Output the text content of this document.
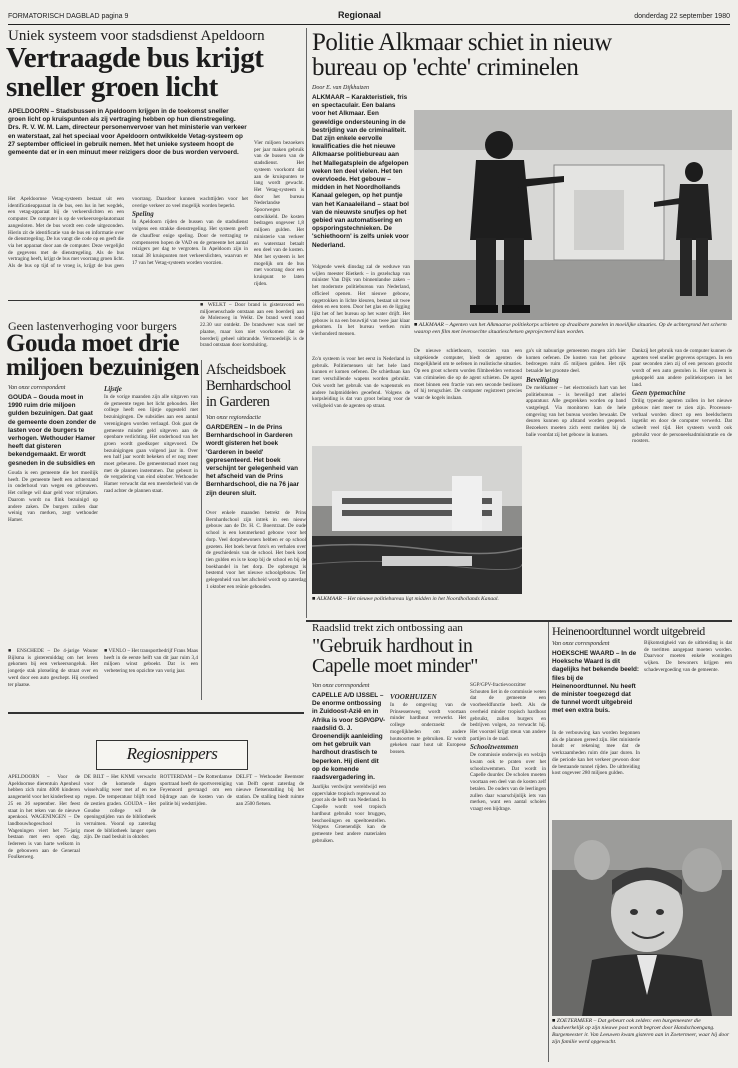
FORMATORISCH DAGBLAD pagina 9	Regionaal	donderdag 22 september 1980
Uniek systeem voor stadsdienst Apeldoorn
Vertraagde bus krijgt
sneller groen licht
APELDOORN – Stadsbussen in Apeldoorn krijgen in de toekomst sneller groen licht op kruispunten als zij vertraging hebben op hun dienstregeling. Drs. R. V. W. M. Lam, directeur personenvervoer van het ministerie van verkeer en waterstaat, zal het speciaal voor Apeldoorn ontwikkelde Vetag-systeem op 27 september officieel in gebruik nemen. Met het unieke systeem hoopt de gemeente dat er in een minuut meer reizigers door de bus worden vervoerd.
Het Apeldoornse Vetag-systeem bestaat uit een identificatieapparaat in de bus, een lus in het wegdek, een vetag-apparaat bij de verkeerslichten en een computer. De computer is op de verkeersregelautomaat aangesloten. Met de bus wordt een code uitgezonden. Hierin zit de identificatie van de bus en informatie over de dienstregeling. De lus vangt die code op en geeft die via het apparaat door aan de computer. Deze vergelijkt de gegevens met de dienstregeling. Als de bus vertraging heeft, krijgt de bus met voorrang groen licht. Als de bus op tijd of te vroeg is, krijgt de bus geen voorrang. Daardoor kunnen wachttijden voor het overige verkeer zo veel mogelijk worden beperkt.
Speling
In Apeldoorn rijden de bussen van de stadsdienst volgens een strakke dienstregeling. Het systeem geeft de chauffeur enige speling. Door de vertraging te compenseren hopen de VAD en de gemeente het aantal reizigers per dag te vergroten. In Apeldoorn zijn in totaal 38 kruispunten met verkeerslichten, waarvan er 17 van het Vetag-systeem worden voorzien.
Vier miljoen bezoekers per jaar maken gebruik van de bussen van de stadsdienst. Het systeem voorkomt dat aan de kruispunten te lang wordt gewacht. Het Vetag-systeem is door het bureau Nederlandse Spoorwegen ontwikkeld. De kosten bedragen ongeveer 1,8 miljoen gulden. Het ministerie van verkeer en waterstaat betaalt een deel van de kosten. Met het systeem is het mogelijk om de bus met voorrang door een kruispunt te laten rijden.
■ WELKT – Door brand is gisteravond een miljoenenschade ontstaan aan een boerderij aan de Molenweg in Welkt. De brand werd rond 22.30 uur ontdekt. De brandweer was snel ter plaatse, maar kon niet voorkomen dat de boerderij geheel uitbrandde. Vermoedelijk is de brand ontstaan door kortsluiting.
Geen lastenverhoging voor burgers
Gouda moet drie
miljoen bezuinigen
Van onze correspondent
GOUDA – Gouda moet in 1990 ruim drie miljoen gulden bezuinigen. Dat gaat de gemeente doen zonder de lasten voor de burgers te verhogen. Wethouder Hamer heeft dat gisteren bekendgemaakt. Er wordt gesneden in de subsidies en
Gouda is een gemeente die het moeilijk heeft. De gemeente heeft een achterstand in onderhoud van wegen en gebouwen. Het college wil daar geld voor vrijmaken. Daarom wordt nu flink bezuinigd op andere zaken. De burgers zullen daar weinig van merken, zegt wethouder Hamer.
Lijstje
In de vorige maanden zijn alle uitgaven van de gemeente tegen het licht gehouden. Het college heeft een lijstje opgesteld met bezuinigingen. De subsidies aan een aantal verenigingen worden verlaagd. Ook gaat de gemeente minder geld uitgeven aan de openbare verlichting. Het onderhoud van het groen wordt goedkoper uitgevoerd. De bezuinigingen gaan volgend jaar in. Over een half jaar wordt bekeken of er nog meer moet gebeuren. De gemeenteraad moet nog met de plannen instemmen. Dat gebeurt in de vergadering van eind oktober. Wethouder Hamer verwacht dat een meerderheid van de raad achter de plannen staat.
■ ENSCHEDE – De 4-jarige Wouter Bijlsma is gisteremiddag om het leven gekomen bij een verkeersongeluk. Het jongetje stak plotseling de straat over en werd door een auto geschept. Hij overleed ter plaatse.
■ VENLO – Het transportbedrijf Frans Maas heeft in de eerste helft van dit jaar ruim 3,4 miljoen winst geboekt. Dat is een verbetering ten opzichte van vorig jaar.
Afscheidsboek
Bernhardschool
in Garderen
Van onze regioredactie
GARDEREN – In de Prins Bernhardschool in Garderen wordt gisteren het boek 'Garderen in beeld' gepresenteerd. Het boek verschijnt ter gelegenheid van het afscheid van de Prins Bernhardschool, die na 76 jaar zijn deuren sluit.
Over enkele maanden betrekt de Prins Bernhardschool zijn intrek in een nieuw gebouw aan de Dr. H. C. Boerstraat. De oude school is een kenmerkend gebouw voor het dorp. Veel dorpsbewoners hebben er op school gezeten. Het boek bevat foto's en verhalen over de geschiedenis van de school. Het boek kost tien gulden en is te koop bij de school en bij de boekhandel in het dorp. De opbrengst is bestemd voor het nieuwe schoolgebouw. Ter gelegenheid van het afscheid wordt op zaterdag 1 oktober een reünie gehouden.
Politie Alkmaar schiet in nieuw
bureau op 'echte' criminelen
Door E. van Dijkhuizen
ALKMAAR – Karakteristiek, fris en spectaculair. Een balans voor het Alkmaar. Een geweldige ondersteuning in de bestrijding van de criminaliteit. Dat zijn enkele eervolle kwalificaties die het nieuwe Alkmaarse politiebureau aan het Mallegatsplein de afgelopen weken ten deel vielen. Het ten overvloede. Het gebouw – midden in het Noordhollands Kanaal gelegen, op het puntje van het Kanaaleiland – staat bol van de nieuwste snufjes op het gebied van automatisering en opsporingstechnieken. De 'schiethoorn' is zelfs uniek voor Nederland.
Volgende week dinsdag zal de weduwe van wijlen meester Rietkerk – in gezelschap van minister Van Dijk van binnenlandse zaken – het modernste politiebureau van Nederland, officieel openen. Het nieuwe gebouw, opgetrokken in lichte kleuren, bestaat uit twee delen en een toren. Door het glas en de ligging lijkt het of het bureau op het water drijft. Het gebouw is na een bouwtijd van twee jaar klaar gekomen. In het bureau werken ruim vierhonderd mensen.
■ ALKMAAR – Agenten van het Alkmaarse politiekorps schieten op draaibare panelen in moeilijke situaties. Op de achtergrond het scherm waarop een film met levensechte situatieschetsen geprojecteerd kan worden.
De nieuwe schiethoorn, voorzien van een uitgekiende computer, biedt de agenten de mogelijkheid om te oefenen in realistische situaties. Op een groot scherm worden filmbeelden vertoond van criminelen die op de agent schieten. De agent moet binnen een fractie van een seconde beslissen of hij terugschiet. De computer registreert precies waar de kogels inslaan.
Zo'n systeem is voor het eerst in Nederland in gebruik. Politiemensen uit het hele land kunnen er komen oefenen. De schietbaan kan met verschillende wapens worden gebruikt. Ook wordt het gebruik van de wapenstok en andere hulpmiddelen geoefend. Volgens de korpsleiding is dat van groot belang voor de veiligheid van de agenten op straat.
ga's uit nabuurige gemeenten mogen zich hier komen oefenen. De kosten van het gebouw bedroegen ruim 45 miljoen gulden. Het rijk betaalde het grootste deel.
Beveiliging
De meldkamer – het electronisch hart van het politiebureau – is beveiligd met allerlei apparatuur. Alle gesprekken worden op band vastgelegd. Via monitoren kan de hele omgeving van het bureau worden bewaakt. De deuren kunnen op afstand worden geopend. Bezoekers moeten zich eerst melden bij de balie voordat zij het gebouw in kunnen.
Dankzij het gebruik van de computer kunnen de agenten veel sneller gegevens opvragen. In een paar seconden zien zij of een persoon gezocht wordt of een auto gestolen is. Het systeem is gekoppeld aan andere politiekorpsen in het land.
Geen typemachine
Drilig typende agenten zullen in het nieuwe gebouw niet meer te zien zijn. Processen-verbaal worden direct op een beeldscherm ingetikt en door de computer verwerkt. Dat scheelt veel tijd. Het systeem wordt ook gebruikt voor de personeelsadministratie en de roosters.
■ ALKMAAR – Het nieuwe politiebureau ligt midden in het Noordhollands Kanaal.
Raadslid trekt zich ontbossing aan
"Gebruik hardhout in
Capelle moet minder"
Van onze correspondent
CAPELLE A/D IJSSEL – De enorme ontbossing in Zuidoost-Azië en in Afrika is voor SGP/GPV-raadslid G. J. Groenendijk aanleiding om het gebruik van hardhout drastisch te beperken. Hij dient dit op de komende raadsvergadering in.
Jaarlijks verdwijnt wereldwijd een oppervlakte tropisch regenwoud zo groot als de helft van Nederland. In Capelle wordt veel tropisch hardhout gebruikt voor bruggen, beschoeiingen en speeltoestellen. Volgens Groenendijk kan de gemeente best andere materialen gebruiken.
VOORHUIZEN
In de omgeving van de Prinsessenweg wordt voortaan minder hardhout verwerkt. Het college onderzoekt de mogelijkheden om andere houtsoorten te gebruiken. Er wordt gekeken naar hout uit Europese bossen.
SGP/GPV-fractievoorzitter Schouten liet in de commissie weten dat de gemeente een voorbeeldfunctie heeft. Als de overheid minder tropisch hardhout gebruikt, zullen burgers en bedrijven volgen, zo verwacht hij. Het voorstel krijgt steun van andere partijen in de raad.
Schoolzwemmen
De commissie onderwijs en welzijn kwam ook te praten over het schoolzwemmen. Dat wordt in Capelle duurder. De scholen moeten voortaan een deel van de kosten zelf betalen. De ouders van de leerlingen zullen daar waarschijnlijk iets van merken, want een aantal scholen vraagt een bijdrage.
Heinenoordtunnel wordt uitgebreid
Van onze correspondent
HOEKSCHE WAARD – In de Hoeksche Waard is dit dagelijks het bekende beeld: files bij de Heinenoordtunnel. Nu heeft de minister toegezegd dat de tunnel wordt uitgebreid met een extra buis.
In de verbouwing kan worden begonnen als de plannen gereed zijn. Het ministerie houdt er rekening mee dat de werkzaamheden ruim drie jaar duren. In die periode kan het verkeer gewoon door de bestaande tunnel rijden. De uitbreiding kost ongeveer 280 miljoen gulden.
Bijkomstigheid van de uitbreiding is dat de toeritten aangepast moeten worden. Daarvoor moeten enkele woningen wijken. De bewoners krijgen een schadevergoeding van de gemeente.
■ ZOETERMEER – Dat gebeurt ook zelden: een burgemeester die daadwerkelijk op zijn nieuwe post wordt begroet door Handschoengang. Burgemeester ir. Van Leeuwen kwam gisteren aan in Zoetermeer, waar hij door zijn familie werd opgewacht.
Regiosnippers
APELDOORN – Voor de Apeldoornse dierentuin Apenheul hebben zich ruim 4000 kinderen aangemeld voor het kinderfeest op 25 en 26 september. Het feest staat in het teken van de nieuwe apenkooi. WAGENINGEN – De landbouwhogeschool in Wageningen viert het 75-jarig bestaan met een open dag. Iedereen is van harte welkom in de gebouwen aan de Generaal Foulkesweg.
DE BILT – Het KNMI verwacht voor de komende dagen wisselvallig weer met af en toe regen. De temperatuur blijft rond de zestien graden. GOUDA – Het Goudse college wil de openingstijden van de bibliotheek verruimen. Vooral op zaterdag moet de bibliotheek langer open zijn. De raad besluit in oktober.
ROTTERDAM – De Rotterdamse sportraad heeft de sportvereniging Feyenoord gevraagd om een bijdrage aan de kosten van de politie bij wedstrijden.
DELFT – Wethouder Beemster van Delft opent zaterdag de nieuwe fietsenstalling bij het station. De stalling biedt ruimte aan 2500 fietsen.
